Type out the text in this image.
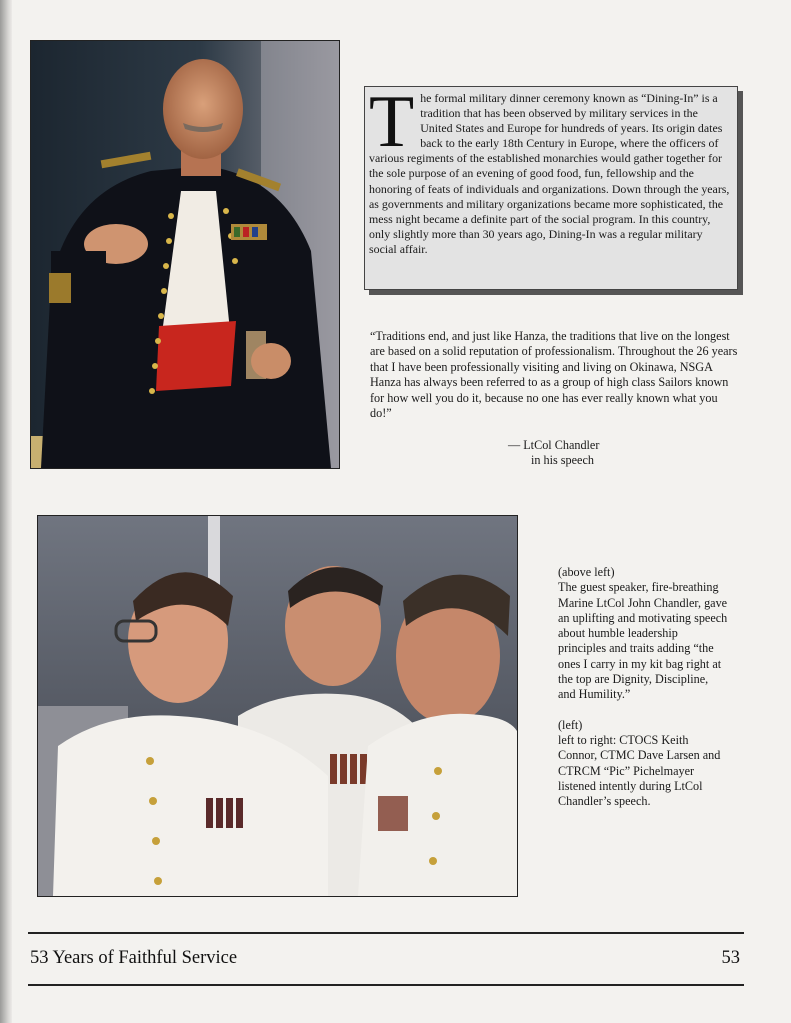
T he formal military dinner ceremony known as “Dining-In” is a tradition that has been observed by military services in the United States and Europe for hundreds of years. Its origin dates back to the early 18th Century in Europe, where the officers of various regiments of the established monarchies would gather together for the sole purpose of an evening of good food, fun, fellowship and the honoring of feats of individuals and organizations. Down through the years, as governments and military organizations became more sophisticated, the mess night became a definite part of the social program. In this country, only slightly more than 30 years ago, Dining-In was a regular military social affair.
“Traditions end, and just like Hanza, the traditions that live on the longest are based on a solid reputation of professionalism. Throughout the 26 years that I have been professionally visiting and living on Okinawa, NSGA Hanza has always been referred to as a group of high class Sailors known for how well you do it, because no one has ever really known what you do!”
— LtCol Chandler
in his speech

(above left)
The guest speaker, fire-breathing Marine LtCol John Chandler, gave an uplifting and motivating speech about humble leadership principles and traits adding “the ones I carry in my kit bag right at the top are Dignity, Discipline, and Humility.”

(left)
left to right: CTOCS Keith Connor, CTMC Dave Larsen and CTRCM “Pic” Pichelmayer listened intently during LtCol Chandler’s speech.

53 Years of Faithful Service	53
